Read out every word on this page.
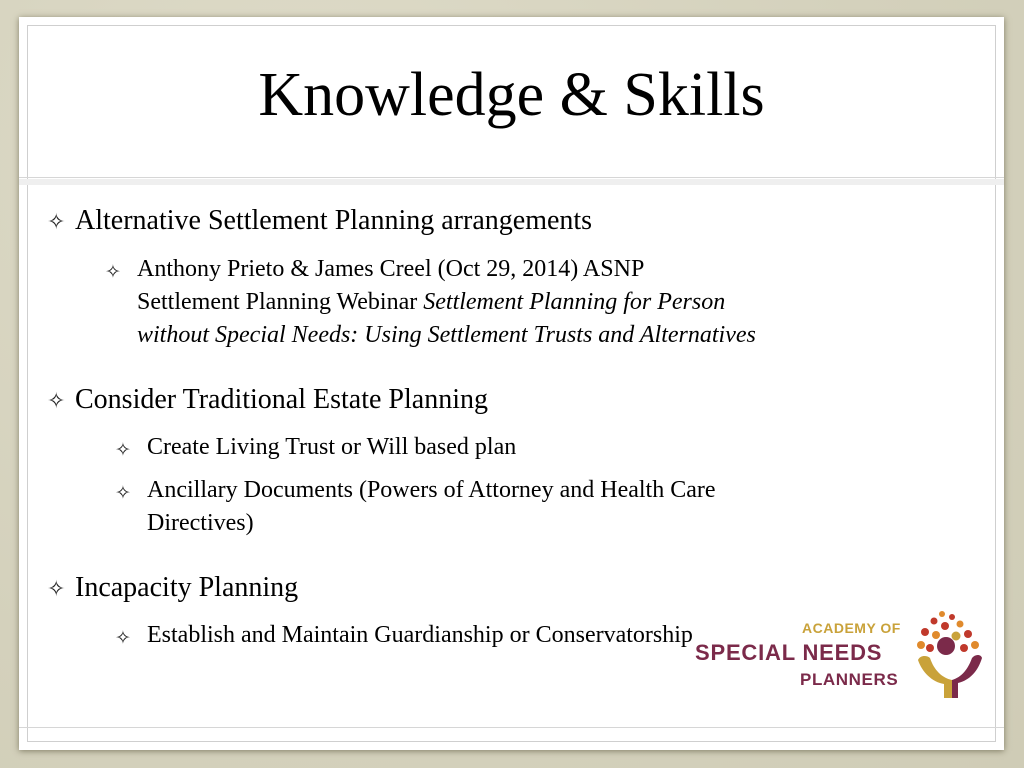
Knowledge & Skills
✧ Alternative Settlement Planning arrangements
✧ Anthony Prieto & James Creel (Oct 29, 2014) ASNP
Settlement Planning Webinar Settlement Planning for Person
without Special Needs: Using Settlement Trusts and Alternatives
✧ Consider Traditional Estate Planning
✧ Create Living Trust or Will based plan
✧ Ancillary Documents (Powers of Attorney and Health Care
Directives)
✧ Incapacity Planning
✧ Establish and Maintain Guardianship or Conservatorship	ACADEMY OF
SPECIAL NEEDS
PLANNERS
